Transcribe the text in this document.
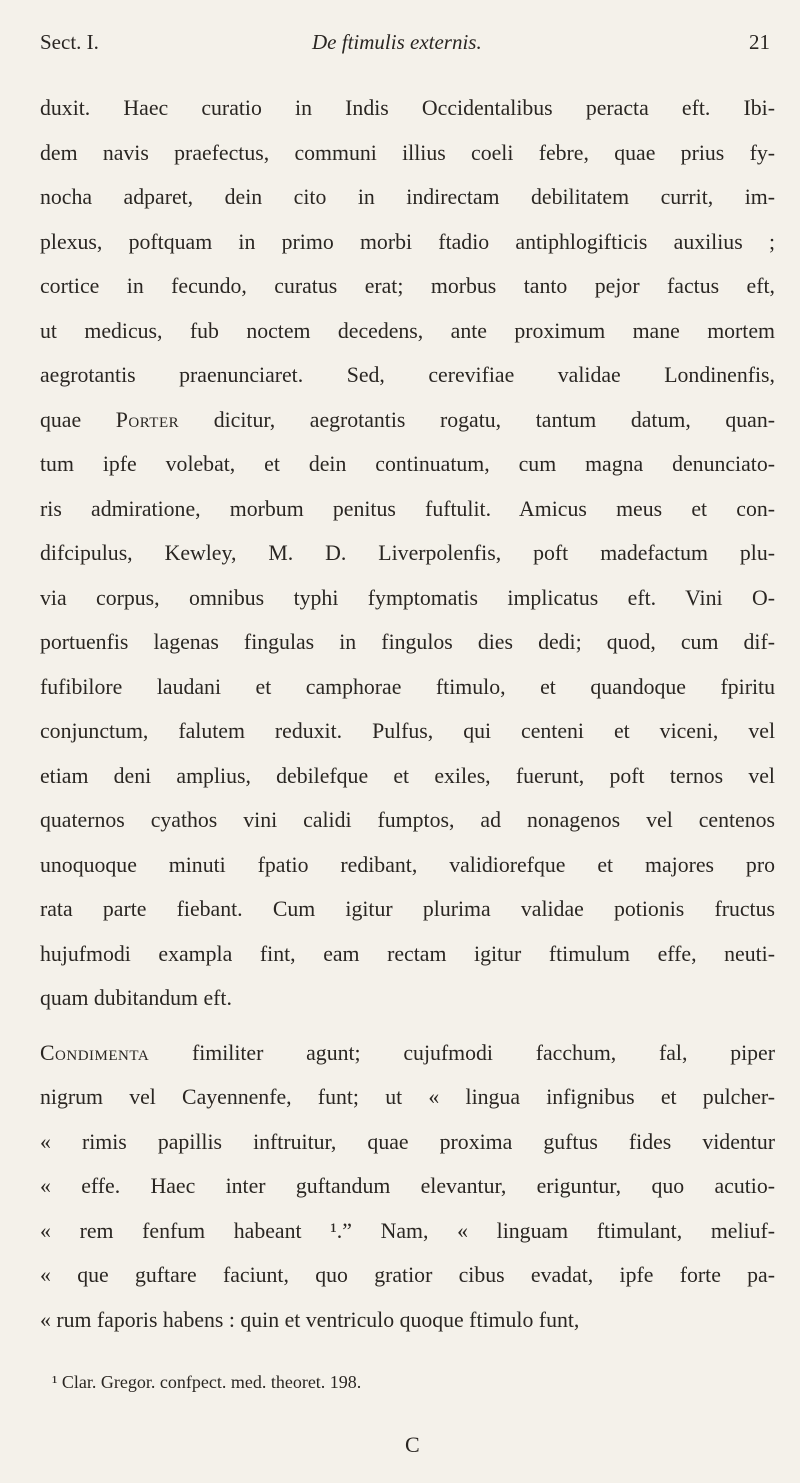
Sect. I.	De ftimulis externis.	21
duxit. Haec curatio in Indis Occidentalibus peracta eft. Ibi-
dem navis praefectus, communi illius coeli febre, quae prius fy-
nocha adparet, dein cito in indirectam debilitatem currit, im-
plexus, poftquam in primo morbi ftadio antiphlogifticis auxilius ;
cortice in fecundo, curatus erat; morbus tanto pejor factus eft,
ut medicus, fub noctem decedens, ante proximum mane mortem
aegrotantis praenunciaret. Sed, cerevifiae validae Londinenfis,
quae Porter dicitur, aegrotantis rogatu, tantum datum, quan-
tum ipfe volebat, et dein continuatum, cum magna denunciato-
ris admiratione, morbum penitus fuftulit. Amicus meus et con-
difcipulus, Kewley, M. D. Liverpolenfis, poft madefactum plu-
via corpus, omnibus typhi fymptomatis implicatus eft. Vini O-
portuenfis lagenas fingulas in fingulos dies dedi; quod, cum dif-
fufibilore laudani et camphorae ftimulo, et quandoque fpiritu
conjunctum, falutem reduxit. Pulfus, qui centeni et viceni, vel
etiam deni amplius, debilefque et exiles, fuerunt, poft ternos vel
quaternos cyathos vini calidi fumptos, ad nonagenos vel centenos
unoquoque minuti fpatio redibant, validiorefque et majores pro
rata parte fiebant. Cum igitur plurima validae potionis fructus
hujufmodi exampla fint, eam rectam igitur ftimulum effe, neuti-
quam dubitandum eft.
Condimenta fimiliter agunt; cujufmodi facchum, fal, piper
nigrum vel Cayennenfe, funt; ut « lingua infignibus et pulcher-
« rimis papillis inftruitur, quae proxima guftus fides videntur
« effe. Haec inter guftandum elevantur, eriguntur, quo acutio-
« rem fenfum habeant ¹.” Nam, « linguam ftimulant, meliuf-
« que guftare faciunt, quo gratior cibus evadat, ipfe forte pa-
« rum faporis habens : quin et ventriculo quoque ftimulo funt,
¹ Clar. Gregor. confpect. med. theoret. 198.
C
